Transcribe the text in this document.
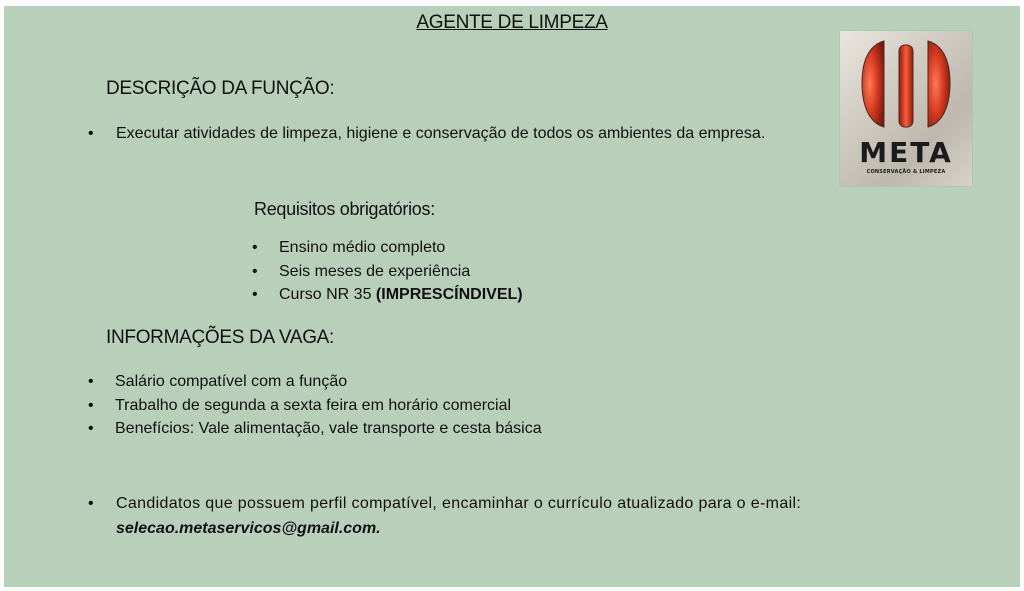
AGENTE DE LIMPEZA
DESCRIÇÃO DA FUNÇÃO:
• Executar atividades de limpeza, higiene e conservação de todos os ambientes da empresa.
Requisitos obrigatórios:
• Ensino médio completo
• Seis meses de experiência
• Curso NR 35 (IMPRESCÍNDIVEL)
INFORMAÇÕES DA VAGA:
• Salário compatível com a função
• Trabalho de segunda a sexta feira em horário comercial
• Benefícios: Vale alimentação, vale transporte e cesta básica
• Candidatos que possuem perfil compatível, encaminhar o currículo atualizado para o e-mail:
selecao.metaservicos@gmail.com.
META
CONSERVAÇÃO & LIMPEZA
